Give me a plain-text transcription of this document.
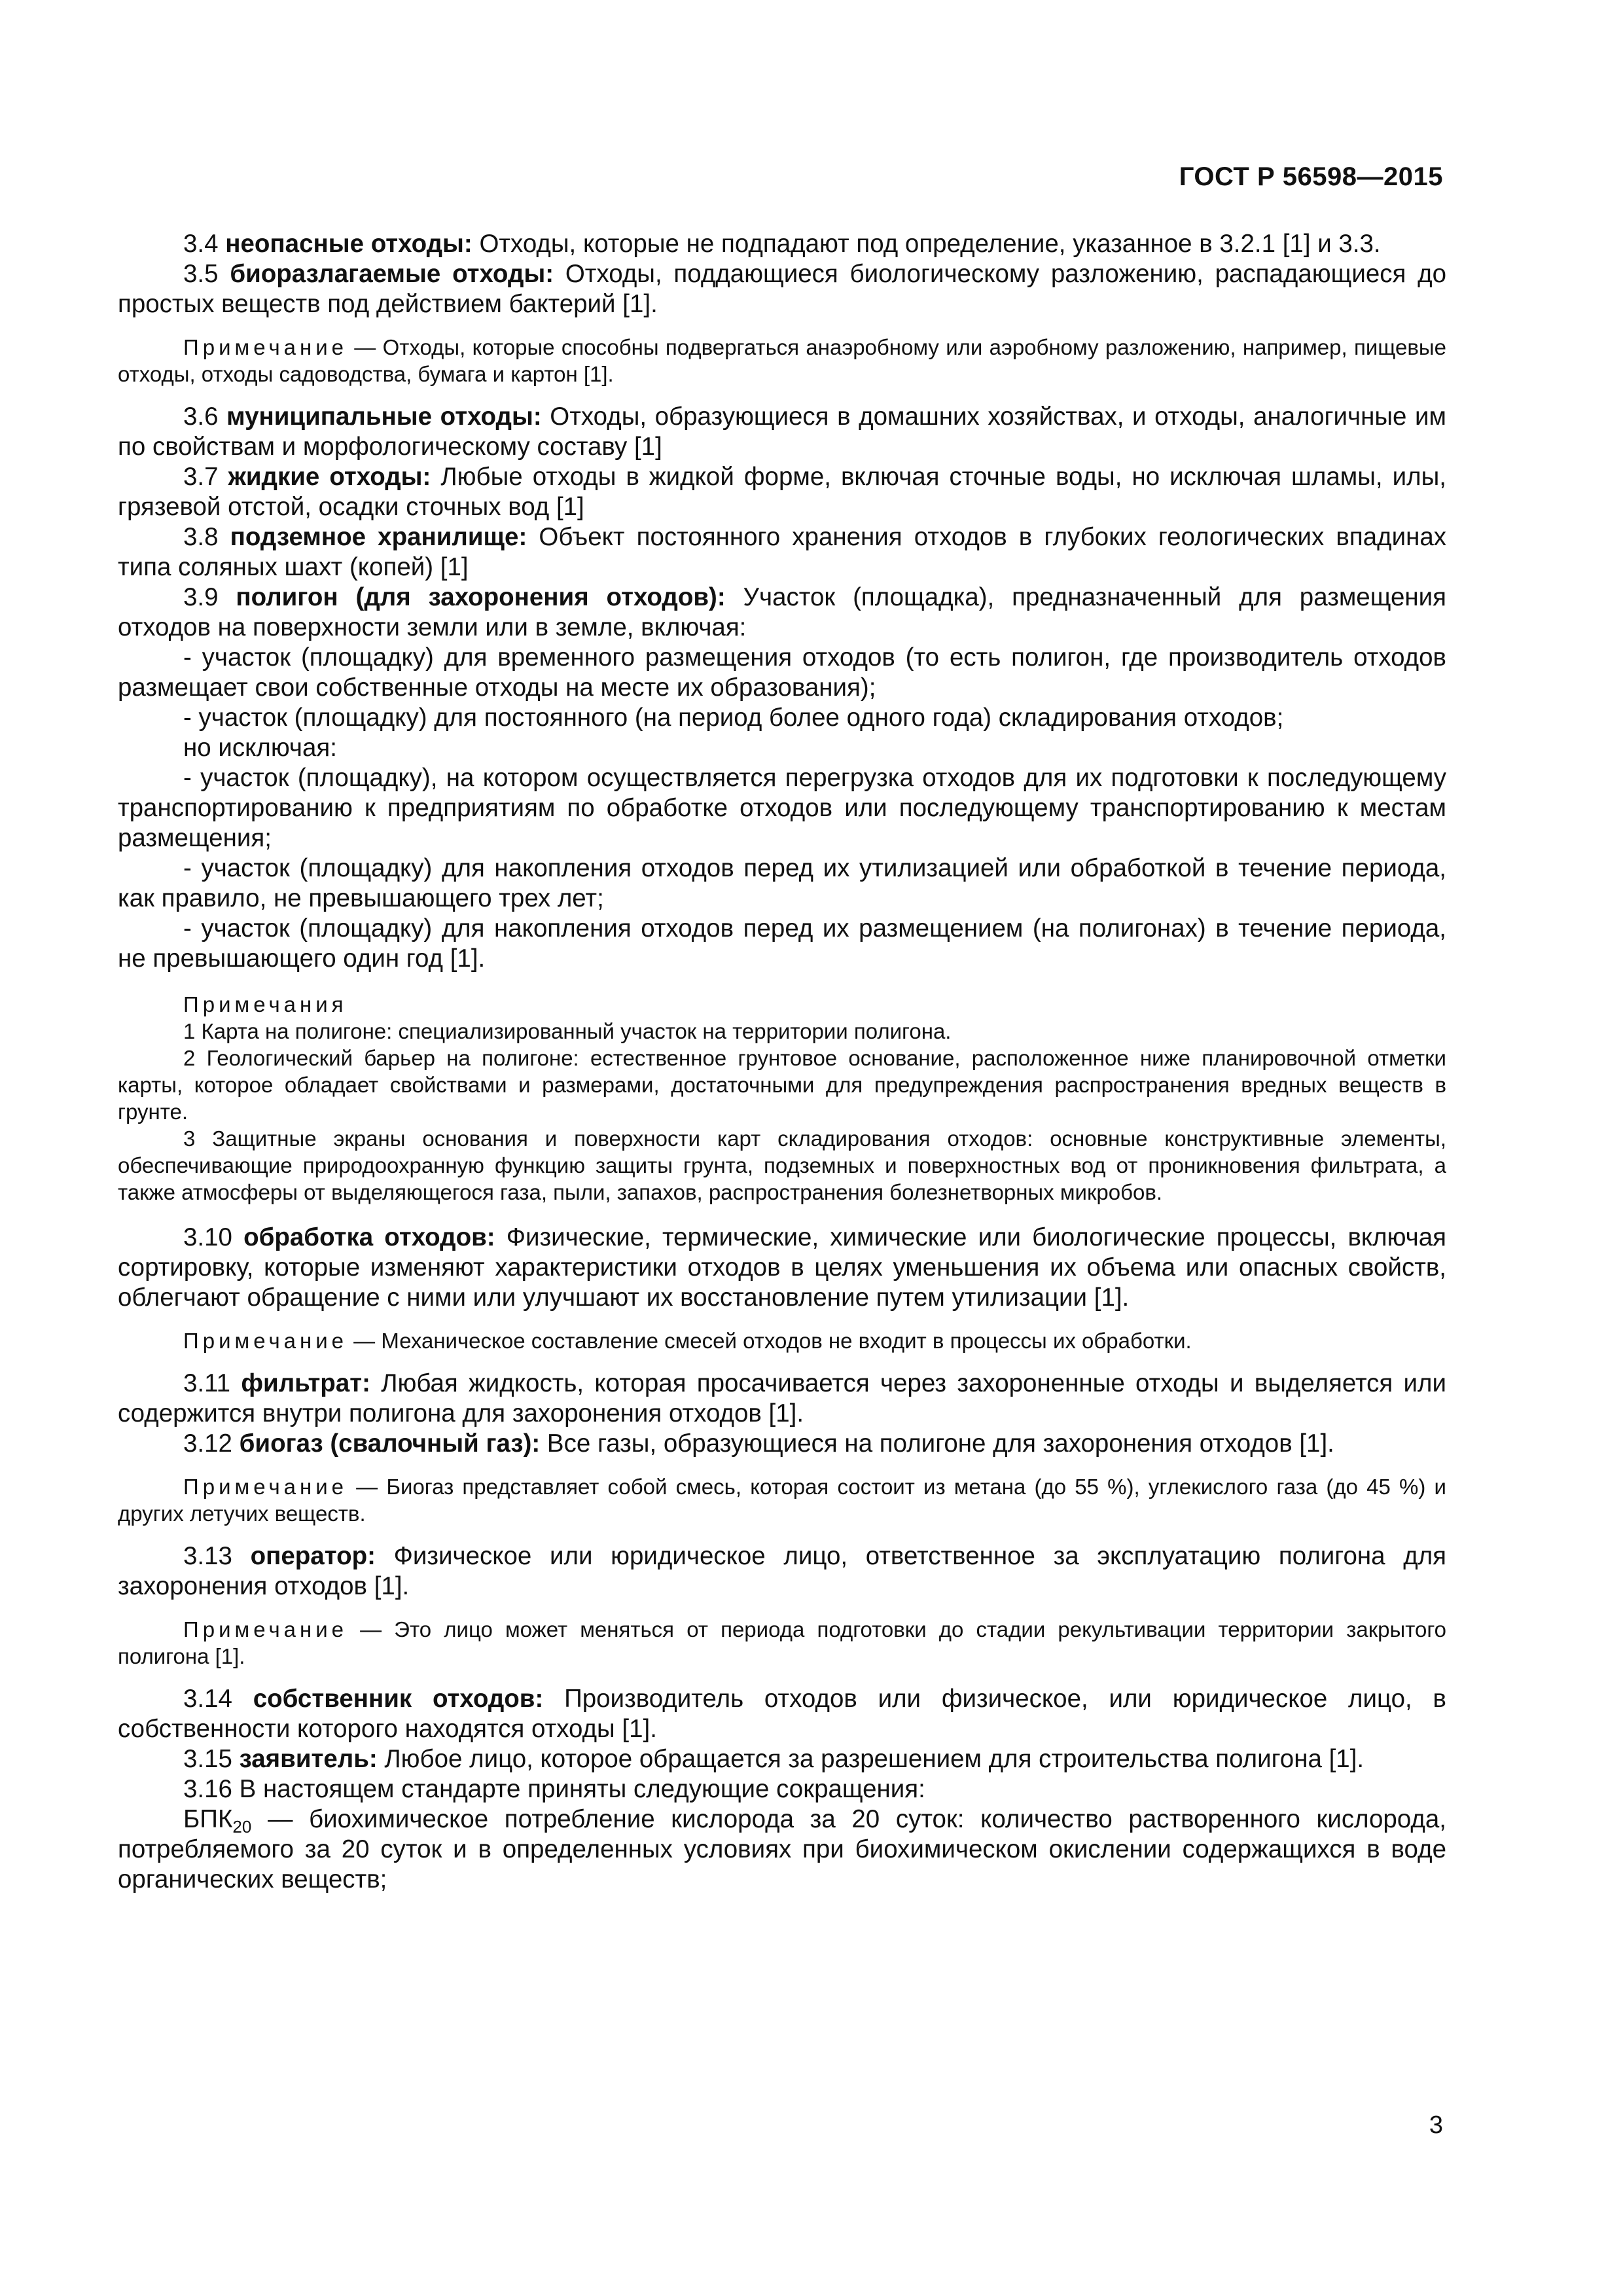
ГОСТ Р 56598—2015

3.4 неопасные отходы: Отходы, которые не подпадают под определение, указанное в 3.2.1 [1] и 3.3.

3.5 биоразлагаемые отходы: Отходы, поддающиеся биологическому разложению, распадающиеся до простых веществ под действием бактерий [1].

Примечание — Отходы, которые способны подвергаться анаэробному или аэробному разложению, например, пищевые отходы, отходы садоводства, бумага и картон [1].

3.6 муниципальные отходы: Отходы, образующиеся в домашних хозяйствах, и отходы, аналогичные им по свойствам и морфологическому составу [1]

3.7 жидкие отходы: Любые отходы в жидкой форме, включая сточные воды, но исключая шламы, илы, грязевой отстой, осадки сточных вод [1]

3.8 подземное хранилище: Объект постоянного хранения отходов в глубоких геологических впадинах типа соляных шахт (копей) [1]

3.9 полигон (для захоронения отходов): Участок (площадка), предназначенный для размещения отходов на поверхности земли или в земле, включая:

- участок (площадку) для временного размещения отходов (то есть полигон, где производитель отходов размещает свои собственные отходы на месте их образования);

- участок (площадку) для постоянного (на период более одного года) складирования отходов;

но исключая:

- участок (площадку), на котором осуществляется перегрузка отходов для их подготовки к последующему транспортированию к предприятиям по обработке отходов или последующему транспортированию к местам размещения;

- участок (площадку) для накопления отходов перед их утилизацией или обработкой в течение периода, как правило, не превышающего трех лет;

- участок (площадку) для накопления отходов перед их размещением (на полигонах) в течение периода, не превышающего один год [1].

Примечания

1 Карта на полигоне: специализированный участок на территории полигона.

2 Геологический барьер на полигоне: естественное грунтовое основание, расположенное ниже планировочной отметки карты, которое обладает свойствами и размерами, достаточными для предупреждения распространения вредных веществ в грунте.

3 Защитные экраны основания и поверхности карт складирования отходов: основные конструктивные элементы, обеспечивающие природоохранную функцию защиты грунта, подземных и поверхностных вод от проникновения фильтрата, а также атмосферы от выделяющегося газа, пыли, запахов, распространения болезнетворных микробов.

3.10 обработка отходов: Физические, термические, химические или биологические процессы, включая сортировку, которые изменяют характеристики отходов в целях уменьшения их объема или опасных свойств, облегчают обращение с ними или улучшают их восстановление путем утилизации [1].

Примечание — Механическое составление смесей отходов не входит в процессы их обработки.

3.11 фильтрат: Любая жидкость, которая просачивается через захороненные отходы и выделяется или содержится внутри полигона для захоронения отходов [1].

3.12 биогаз (свалочный газ): Все газы, образующиеся на полигоне для захоронения отходов [1].

Примечание — Биогаз представляет собой смесь, которая состоит из метана (до 55 %), углекислого газа (до 45 %) и других летучих веществ.

3.13 оператор: Физическое или юридическое лицо, ответственное за эксплуатацию полигона для захоронения отходов [1].

Примечание — Это лицо может меняться от периода подготовки до стадии рекультивации территории закрытого полигона [1].

3.14 собственник отходов: Производитель отходов или физическое, или юридическое лицо, в собственности которого находятся отходы [1].

3.15 заявитель: Любое лицо, которое обращается за разрешением для строительства полигона [1].

3.16 В настоящем стандарте приняты следующие сокращения:

$БПК_{20}$ — биохимическое потребление кислорода за 20 суток: количество растворенного кислорода, потребляемого за 20 суток и в определенных условиях при биохимическом окислении содержащихся в воде органических веществ;

3
